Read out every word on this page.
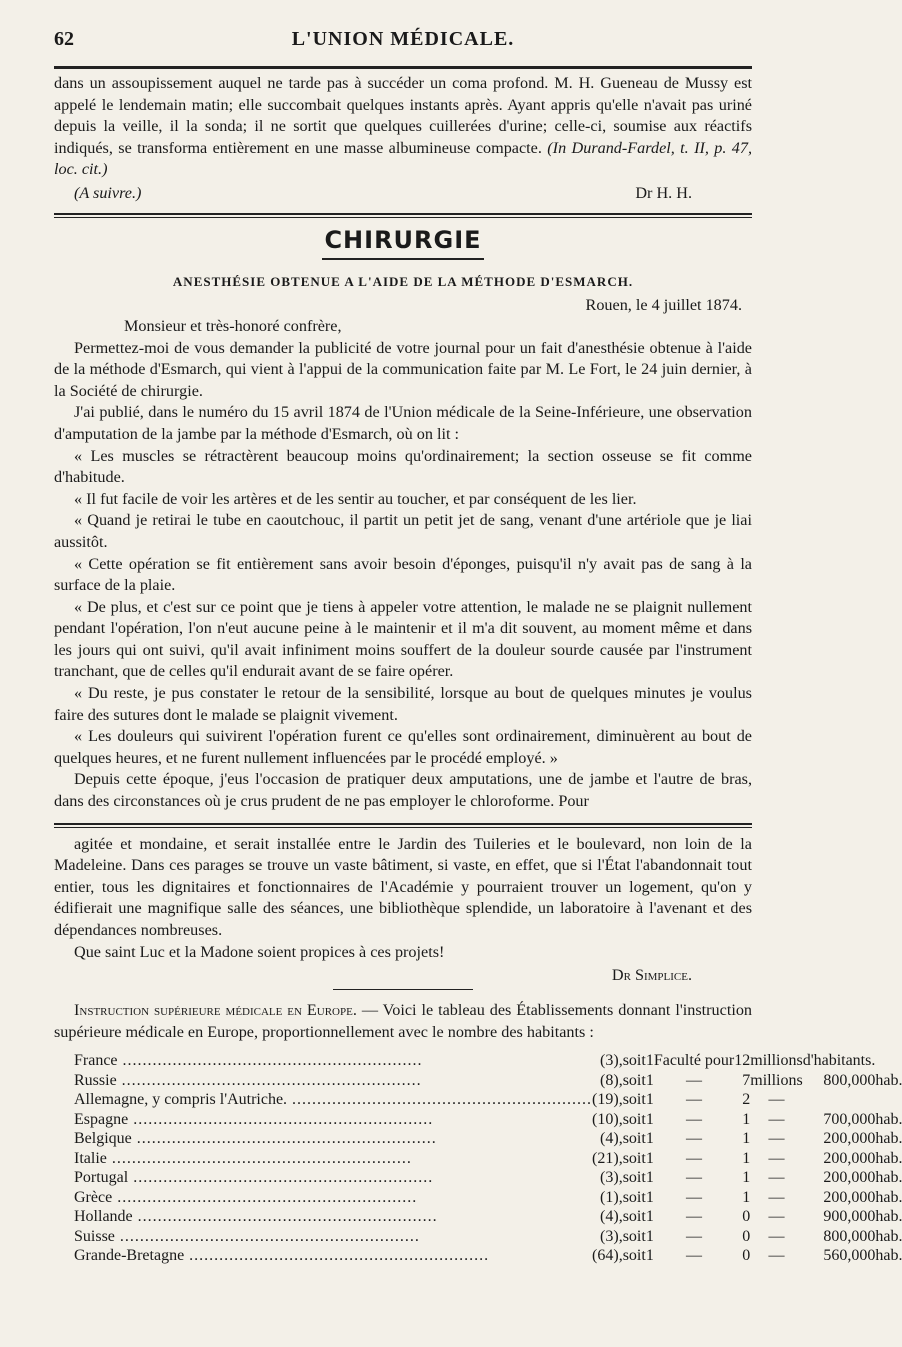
62	L'UNION MÉDICALE.

dans un assoupissement auquel ne tarde pas à succéder un coma profond. M. H. Gueneau de Mussy est appelé le lendemain matin; elle succombait quelques instants après. Ayant appris qu'elle n'avait pas uriné depuis la veille, il la sonda; il ne sortit que quelques cuillerées d'urine; celle-ci, soumise aux réactifs indiqués, se transforma entièrement en une masse albumineuse compacte. (In Durand-Fardel, t. II, p. 47, loc. cit.)

(A suivre.)	Dr H. H.
CHIRURGIE
ANESTHÉSIE OBTENUE A L'AIDE DE LA MÉTHODE D'ESMARCH.
Rouen, le 4 juillet 1874.

Monsieur et très-honoré confrère,

Permettez-moi de vous demander la publicité de votre journal pour un fait d'anesthésie obtenue à l'aide de la méthode d'Esmarch, qui vient à l'appui de la communication faite par M. Le Fort, le 24 juin dernier, à la Société de chirurgie.

J'ai publié, dans le numéro du 15 avril 1874 de l'Union médicale de la Seine-Inférieure, une observation d'amputation de la jambe par la méthode d'Esmarch, où on lit :

« Les muscles se rétractèrent beaucoup moins qu'ordinairement; la section osseuse se fit comme d'habitude.

« Il fut facile de voir les artères et de les sentir au toucher, et par conséquent de les lier.

« Quand je retirai le tube en caoutchouc, il partit un petit jet de sang, venant d'une artériole que je liai aussitôt.

« Cette opération se fit entièrement sans avoir besoin d'éponges, puisqu'il n'y avait pas de sang à la surface de la plaie.

« De plus, et c'est sur ce point que je tiens à appeler votre attention, le malade ne se plaignit nullement pendant l'opération, l'on n'eut aucune peine à le maintenir et il m'a dit souvent, au moment même et dans les jours qui ont suivi, qu'il avait infiniment moins souffert de la douleur sourde causée par l'instrument tranchant, que de celles qu'il endurait avant de se faire opérer.

« Du reste, je pus constater le retour de la sensibilité, lorsque au bout de quelques minutes je voulus faire des sutures dont le malade se plaignit vivement.

« Les douleurs qui suivirent l'opération furent ce qu'elles sont ordinairement, diminuèrent au bout de quelques heures, et ne furent nullement influencées par le procédé employé. »

Depuis cette époque, j'eus l'occasion de pratiquer deux amputations, une de jambe et l'autre de bras, dans des circonstances où je crus prudent de ne pas employer le chloroforme. Pour

agitée et mondaine, et serait installée entre le Jardin des Tuileries et le boulevard, non loin de la Madeleine. Dans ces parages se trouve un vaste bâtiment, si vaste, en effet, que si l'État l'abandonnait tout entier, tous les dignitaires et fonctionnaires de l'Académie y pourraient trouver un logement, qu'on y édifierait une magnifique salle des séances, une bibliothèque splendide, un laboratoire à l'avenant et des dépendances nombreuses.

Que saint Luc et la Madone soient propices à ces projets!

Dr Simplice.

Instruction supérieure médicale en Europe. — Voici le tableau des Établissements donnant l'instruction supérieure médicale en Europe, proportionnellement avec le nombre des habitants :

France ............................................................	(3),	soit	1	Faculté pour	12	millions	d'habitants.	
Russie ............................................................	(8),	soit	1	—	7	millions	800,000	hab.
Allemagne, y compris l'Autriche. ............................................................	(19),	soit	1	—	2	—		
Espagne ............................................................	(10),	soit	1	—	1	—	700,000	hab.
Belgique ............................................................	(4),	soit	1	—	1	—	200,000	hab.
Italie ............................................................	(21),	soit	1	—	1	—	200,000	hab.
Portugal ............................................................	(3),	soit	1	—	1	—	200,000	hab.
Grèce ............................................................	(1),	soit	1	—	1	—	200,000	hab.
Hollande ............................................................	(4),	soit	1	—	0	—	900,000	hab.
Suisse ............................................................	(3),	soit	1	—	0	—	800,000	hab.
Grande-Bretagne ............................................................	(64),	soit	1	—	0	—	560,000	hab.
